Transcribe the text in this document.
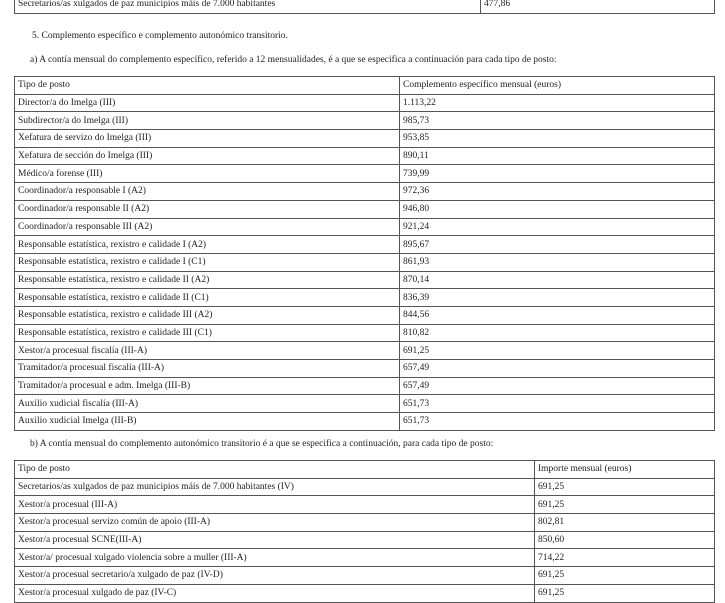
Secretarios/as xulgados de paz municipios máis de 7.000 habitantes	477,86
5. Complemento específico e complemento autonómico transitorio.
a) A contía mensual do complemento específico, referido a 12 mensualidades, é a que se especifica a continuación para cada tipo de posto:
Tipo de posto	Complemento específico mensual (euros)
Director/a do Imelga (III)	1.113,22
Subdirector/a do Imelga (III)	985,73
Xefatura de servizo do Imelga (III)	953,85
Xefatura de sección do Imelga (III)	890,11
Médico/a forense (III)	739,99
Coordinador/a responsable I (A2)	972,36
Coordinador/a responsable II (A2)	946,80
Coordinador/a responsable III (A2)	921,24
Responsable estatística, rexistro e calidade I (A2)	895,67
Responsable estatística, rexistro e calidade I (C1)	861,93
Responsable estatística, rexistro e calidade II (A2)	870,14
Responsable estatística, rexistro e calidade II (C1)	836,39
Responsable estatística, rexistro e calidade III (A2)	844,56
Responsable estatística, rexistro e calidade III (C1)	810,82
Xestor/a procesual fiscalía (III-A)	691,25
Tramitador/a procesual fiscalía (III-A)	657,49
Tramitador/a procesual e adm. Imelga (III-B)	657,49
Auxilio xudicial fiscalía (III-A)	651,73
Auxilio xudicial Imelga (III-B)	651,73
b) A contía mensual do complemento autonómico transitorio é a que se especifica a continuación, para cada tipo de posto:
Tipo de posto	Importe mensual (euros)
Secretarios/as xulgados de paz municipios máis de 7.000 habitantes (IV)	691,25
Xestor/a procesual (III-A)	691,25
Xestor/a procesual servizo común de apoio (III-A)	802,81
Xestor/a procesual SCNE(III-A)	850,60
Xestor/a/ procesual xulgado violencia sobre a muller (III-A)	714,22
Xestor/a procesual secretario/a xulgado de paz (IV-D)	691,25
Xestor/a procesual xulgado de paz (IV-C)	691,25
